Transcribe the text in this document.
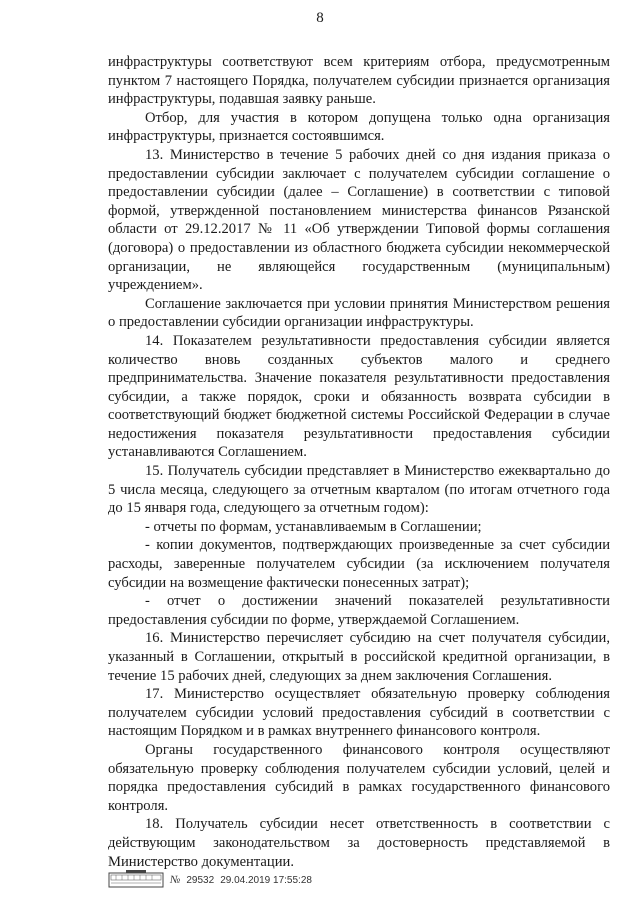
8

инфраструктуры соответствуют всем критериям отбора, предусмотренным пунктом 7 настоящего Порядка, получателем субсидии признается организация инфраструктуры, подавшая заявку раньше.

Отбор, для участия в котором допущена только одна организация инфраструктуры, признается состоявшимся.

13. Министерство в течение 5 рабочих дней со дня издания приказа о предоставлении субсидии заключает с получателем субсидии соглашение о предоставлении субсидии (далее – Соглашение) в соответствии с типовой формой, утвержденной постановлением министерства финансов Рязанской области от 29.12.2017 № 11 «Об утверждении Типовой формы соглашения (договора) о предоставлении из областного бюджета субсидии некоммерческой организации, не являющейся государственным (муниципальным) учреждением».

Соглашение заключается при условии принятия Министерством решения о предоставлении субсидии организации инфраструктуры.

14. Показателем результативности предоставления субсидии является количество вновь созданных субъектов малого и среднего предпринимательства. Значение показателя результативности предоставления субсидии, а также порядок, сроки и обязанность возврата субсидии в соответствующий бюджет бюджетной системы Российской Федерации в случае недостижения показателя результативности предоставления субсидии устанавливаются Соглашением.

15. Получатель субсидии представляет в Министерство ежеквартально до 5 числа месяца, следующего за отчетным кварталом (по итогам отчетного года до 15 января года, следующего за отчетным годом):

- отчеты по формам, устанавливаемым в Соглашении;

- копии документов, подтверждающих произведенные за счет субсидии расходы, заверенные получателем субсидии (за исключением получателя субсидии на возмещение фактически понесенных затрат);

- отчет о достижении значений показателей результативности предоставления субсидии по форме, утверждаемой Соглашением.

16. Министерство перечисляет субсидию на счет получателя субсидии, указанный в Соглашении, открытый в российской кредитной организации, в течение 15 рабочих дней, следующих за днем заключения Соглашения.

17. Министерство осуществляет обязательную проверку соблюдения получателем субсидии условий предоставления субсидий в соответствии с настоящим Порядком и в рамках внутреннего финансового контроля.

Органы государственного финансового контроля осуществляют обязательную проверку соблюдения получателем субсидии условий, целей и порядка предоставления субсидий в рамках государственного финансового контроля.

18. Получатель субсидии несет ответственность в соответствии с действующим законодательством за достоверность представляемой в Министерство документации.

№ 29532 29.04.2019 17:55:28
